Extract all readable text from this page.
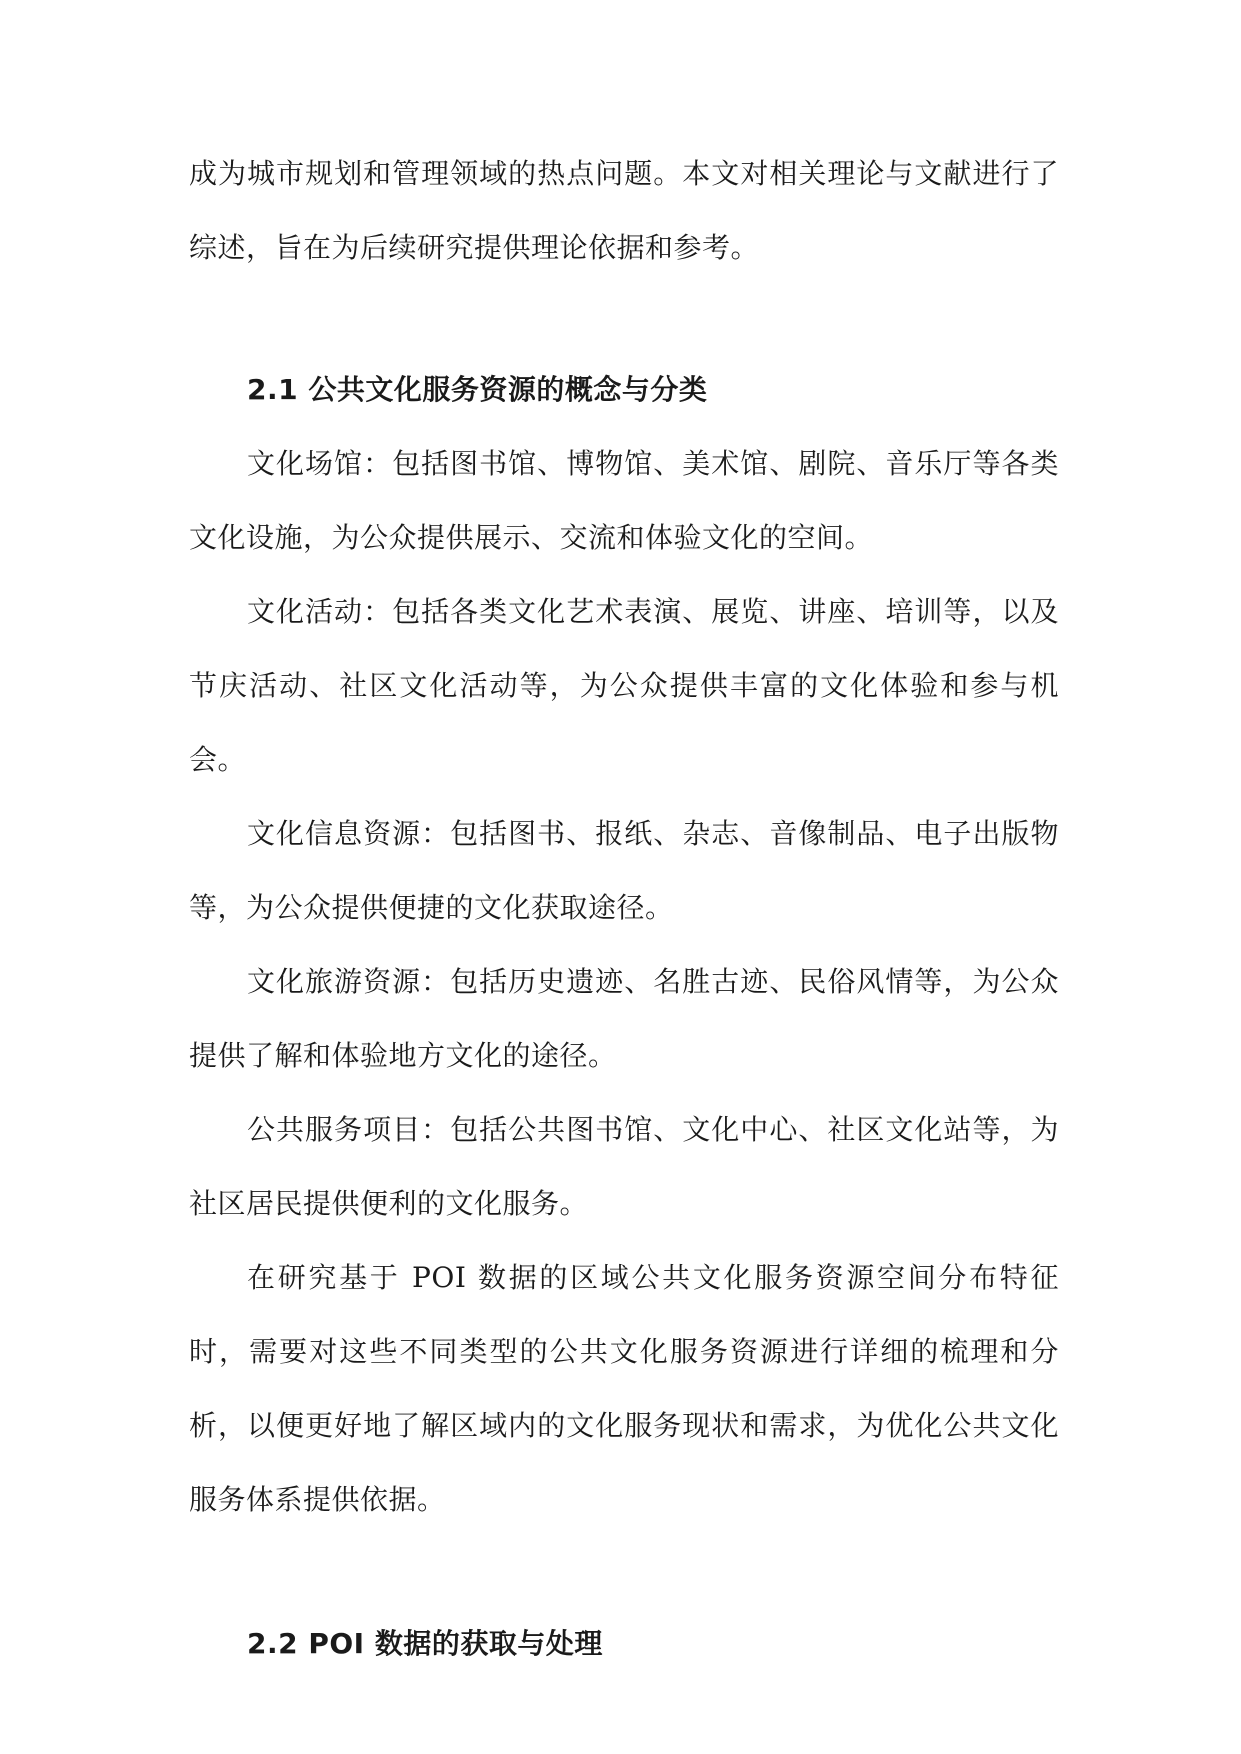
成为城市规划和管理领域的热点问题。本文对相关理论与文献进行了综述，旨在为后续研究提供理论依据和参考。

2.1 公共文化服务资源的概念与分类

文化场馆：包括图书馆、博物馆、美术馆、剧院、音乐厅等各类文化设施，为公众提供展示、交流和体验文化的空间。

文化活动：包括各类文化艺术表演、展览、讲座、培训等，以及节庆活动、社区文化活动等，为公众提供丰富的文化体验和参与机会。

文化信息资源：包括图书、报纸、杂志、音像制品、电子出版物等，为公众提供便捷的文化获取途径。

文化旅游资源：包括历史遗迹、名胜古迹、民俗风情等，为公众提供了解和体验地方文化的途径。

公共服务项目：包括公共图书馆、文化中心、社区文化站等，为社区居民提供便利的文化服务。

在研究基于 POI 数据的区域公共文化服务资源空间分布特征时，需要对这些不同类型的公共文化服务资源进行详细的梳理和分析，以便更好地了解区域内的文化服务现状和需求，为优化公共文化服务体系提供依据。

2.2 POI 数据的获取与处理
